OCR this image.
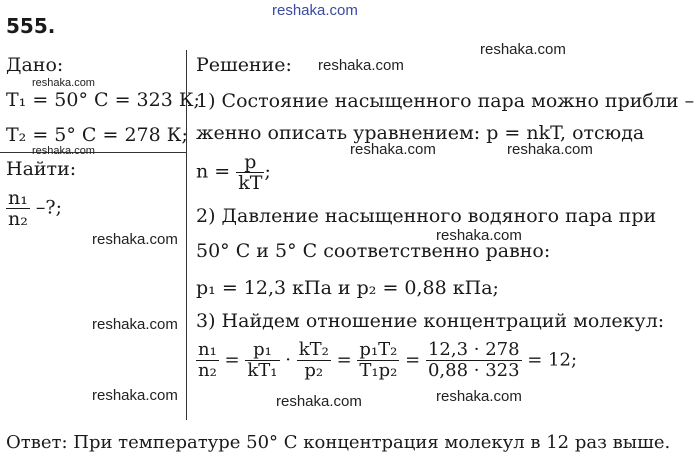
555.
reshaka.com
Дано:
reshaka.com
T₁ = 50° C = 323 К;
T₂ = 5° C = 278 К;
reshaka.com
Найти:
$\frac{\text{n₁}}{\text{n₂}}$ –?;
Решение: reshaka.com
reshaka.com
1) Состояние насыщенного пара можно прибли –
женно описать уравнением: p = nkT, отсюда
reshaka.com	reshaka.com
$n = \frac{p}{kT}$ ;
2) Давление насыщенного водяного пара при
reshaka.com	reshaka.com
50° C и 5° C соответственно равно:
p₁ = 12,3 кПа и p₂ = 0,88 кПа;
reshaka.com 3) Найдем отношение концентраций молекул:
$\frac{\text{n₁}}{\text{n₂}} = \frac{\text{p₁}}{\text{kT₁}} \cdot \frac{\text{kT₂}}{\text{p₂}} = \frac{\text{p₁T₂}}{\text{T₁p₂}} = \frac{12,3 \cdot 278}{0,88 \cdot 323} = 12$;
reshaka.com	reshaka.com	reshaka.com
Ответ: При температуре 50° C концентрация молекул в 12 раз выше.
